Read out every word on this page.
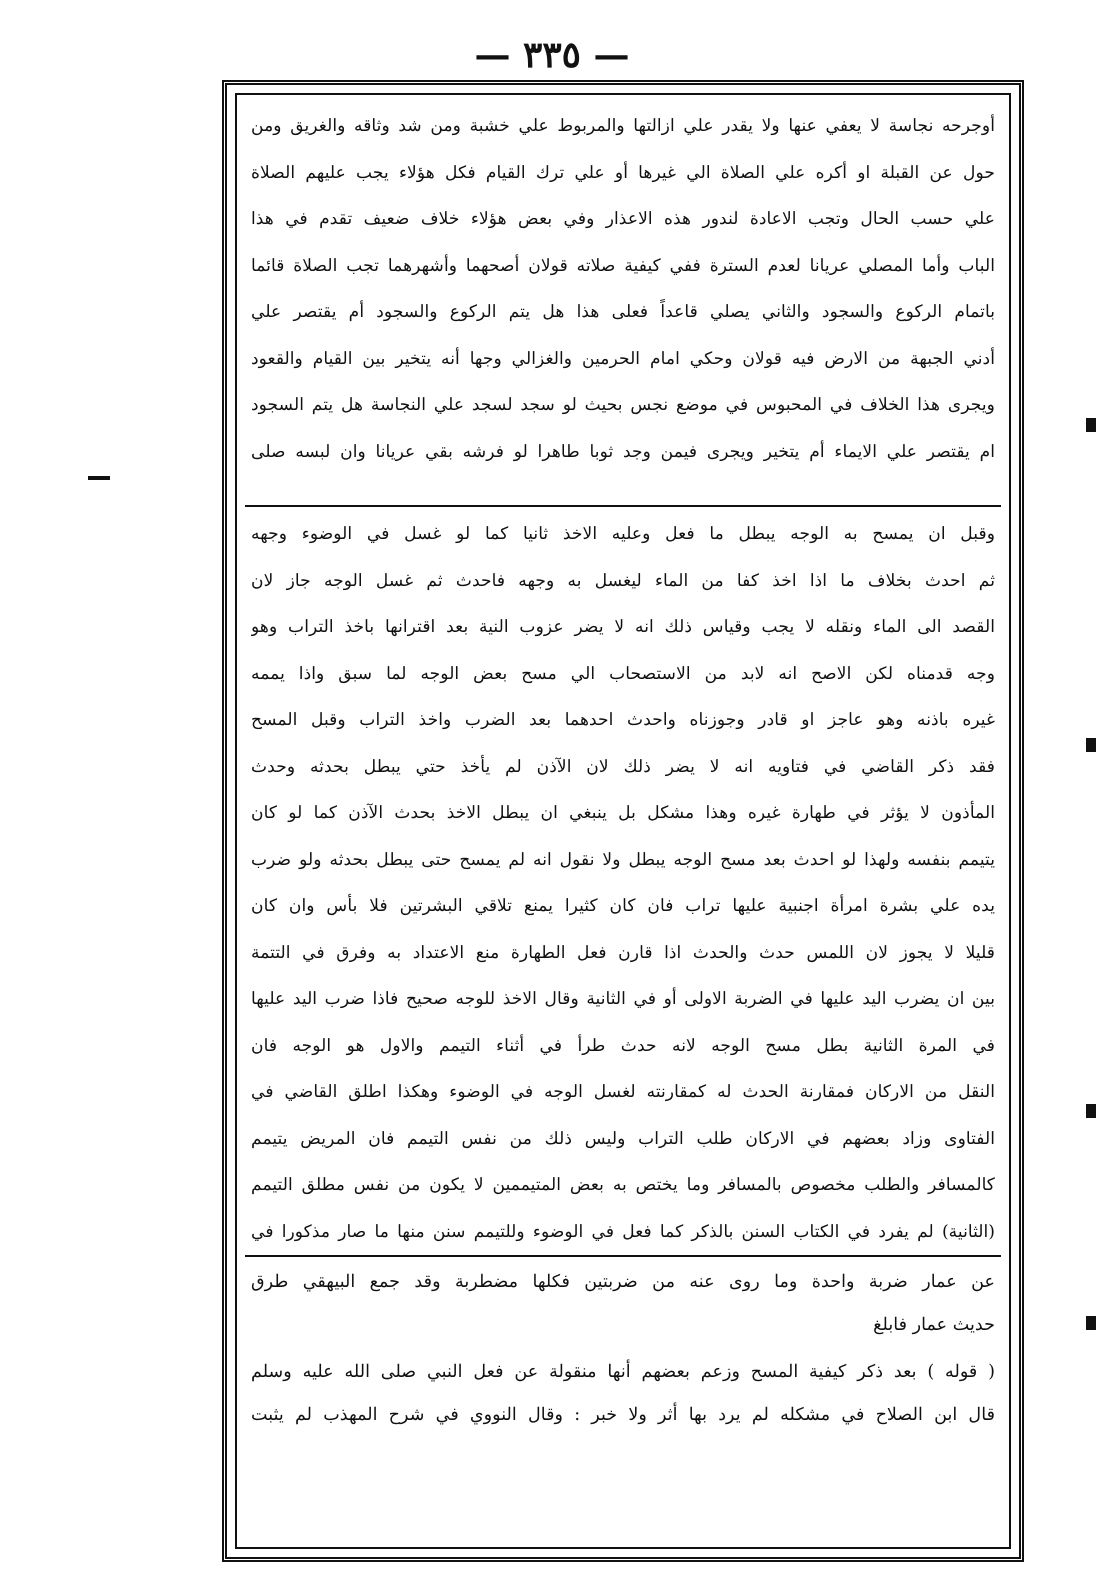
— ٣٣٥ —

أوجرحه نجاسة لا يعفي عنها ولا يقدر علي ازالتها والمربوط علي خشبة ومن شد وثاقه والغريق ومن

حول عن القبلة او أكره علي الصلاة الي غيرها أو علي ترك القيام فكل هؤلاء يجب عليهم الصلاة

علي حسب الحال وتجب الاعادة لندور هذه الاعذار وفي بعض هؤلاء خلاف ضعيف تقدم في هذا

الباب وأما المصلي عريانا لعدم السترة ففي كيفية صلاته قولان أصحهما وأشهرهما تجب الصلاة قائما

باتمام الركوع والسجود والثاني يصلي قاعداً فعلى هذا هل يتم الركوع والسجود أم يقتصر علي

أدني الجبهة من الارض فيه قولان وحكي امام الحرمين والغزالي وجها أنه يتخير بين القيام والقعود

ويجرى هذا الخلاف في المحبوس في موضع نجس بحيث لو سجد لسجد علي النجاسة هل يتم السجود

ام يقتصر علي الايماء أم يتخير ويجرى فيمن وجد ثوبا طاهرا لو فرشه بقي عريانا وان لبسه صلى

وقبل ان يمسح به الوجه يبطل ما فعل وعليه الاخذ ثانيا كما لو غسل في الوضوء وجهه

ثم احدث بخلاف ما اذا اخذ كفا من الماء ليغسل به وجهه فاحدث ثم غسل الوجه جاز لان

القصد الى الماء ونقله لا يجب وقياس ذلك انه لا يضر عزوب النية بعد اقترانها باخذ التراب وهو

وجه قدمناه لكن الاصح انه لابد من الاستصحاب الي مسح بعض الوجه لما سبق واذا يممه

غيره باذنه وهو عاجز او قادر وجوزناه واحدث احدهما بعد الضرب واخذ التراب وقبل المسح

فقد ذكر القاضي في فتاويه انه لا يضر ذلك لان الآذن لم يأخذ حتي يبطل بحدثه وحدث

المأذون لا يؤثر في طهارة غيره وهذا مشكل بل ينبغي ان يبطل الاخذ بحدث الآذن كما لو كان

يتيمم بنفسه ولهذا لو احدث بعد مسح الوجه يبطل ولا نقول انه لم يمسح حتى يبطل بحدثه ولو ضرب

يده علي بشرة امرأة اجنبية عليها تراب فان كان كثيرا يمنع تلاقي البشرتين فلا بأس وان كان

قليلا لا يجوز لان اللمس حدث والحدث اذا قارن فعل الطهارة منع الاعتداد به وفرق في التتمة

بين ان يضرب اليد عليها في الضربة الاولى أو في الثانية وقال الاخذ للوجه صحيح فاذا ضرب اليد عليها

في المرة الثانية بطل مسح الوجه لانه حدث طرأ في أثناء التيمم والاول هو الوجه فان

النقل من الاركان فمقارنة الحدث له كمقارنته لغسل الوجه في الوضوء وهكذا اطلق القاضي في

الفتاوى وزاد بعضهم في الاركان طلب التراب وليس ذلك من نفس التيمم فان المريض يتيمم

كالمسافر والطلب مخصوص بالمسافر وما يختص به بعض المتيممين لا يكون من نفس مطلق التيمم

(الثانية) لم يفرد في الكتاب السنن بالذكر كما فعل في الوضوء وللتيمم سنن منها ما صار مذكورا في

عن عمار ضربة واحدة وما روى عنه من ضربتين فكلها مضطربة وقد جمع البيهقي طرق

حديث عمار فابلغ

( قوله ) بعد ذكر كيفية المسح وزعم بعضهم أنها منقولة عن فعل النبي صلى الله عليه وسلم

قال ابن الصلاح في مشكله لم يرد بها أثر ولا خبر : وقال النووي في شرح المهذب لم يثبت
